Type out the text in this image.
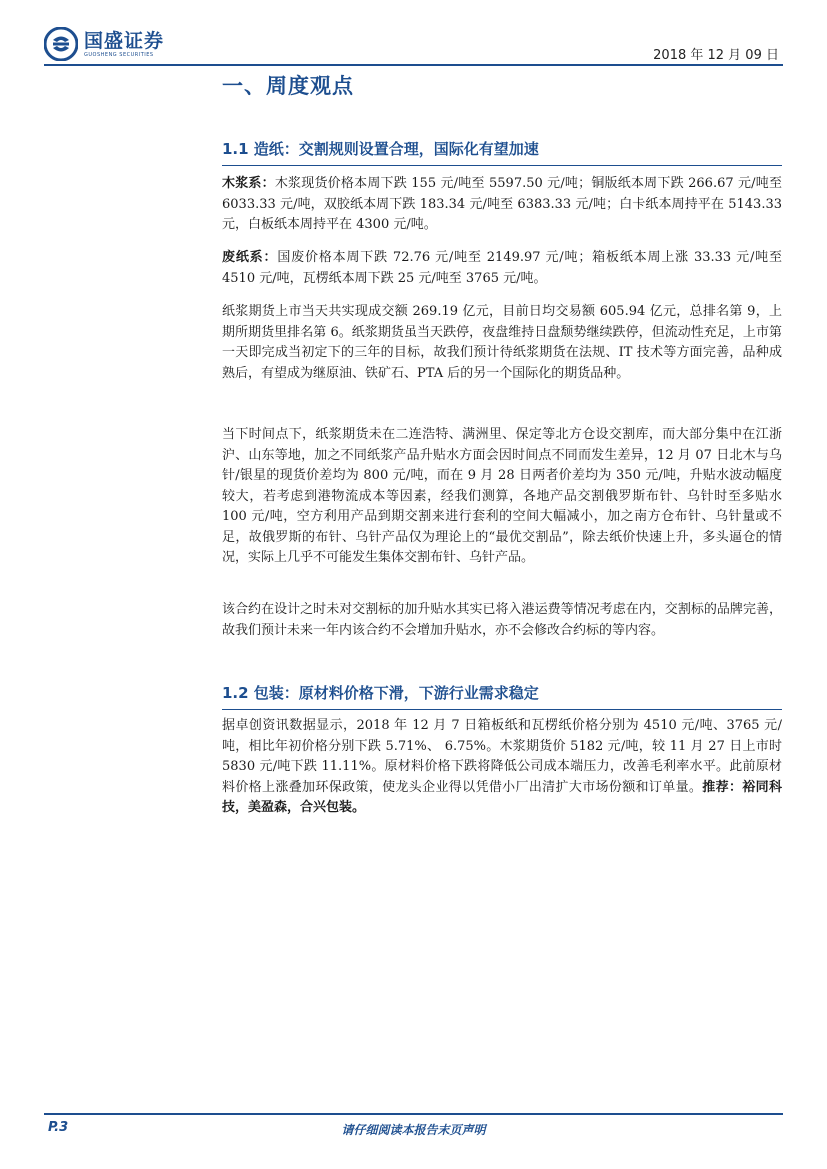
国盛证券
GUOSHENG SECURITIES	2018 年 12 月 09 日
一、周度观点
1.1 造纸：交割规则设置合理，国际化有望加速
木浆系：木浆现货价格本周下跌 155 元/吨至 5597.50 元/吨；铜版纸本周下跌 266.67 元/吨至 6033.33 元/吨，双胶纸本周下跌 183.34 元/吨至 6383.33 元/吨；白卡纸本周持平在 5143.33 元，白板纸本周持平在 4300 元/吨。
废纸系：国废价格本周下跌 72.76 元/吨至 2149.97 元/吨；箱板纸本周上涨 33.33 元/吨至 4510 元/吨，瓦楞纸本周下跌 25 元/吨至 3765 元/吨。
纸浆期货上市当天共实现成交额 269.19 亿元，目前日均交易额 605.94 亿元，总排名第 9，上期所期货里排名第 6。纸浆期货虽当天跌停，夜盘维持日盘颓势继续跌停，但流动性充足，上市第一天即完成当初定下的三年的目标，故我们预计待纸浆期货在法规、IT 技术等方面完善，品种成熟后，有望成为继原油、铁矿石、PTA 后的另一个国际化的期货品种。
当下时间点下，纸浆期货未在二连浩特、满洲里、保定等北方仓设交割库，而大部分集中在江浙沪、山东等地，加之不同纸浆产品升贴水方面会因时间点不同而发生差异，12 月 07 日北木与乌针/银星的现货价差均为 800 元/吨，而在 9 月 28 日两者价差均为 350 元/吨，升贴水波动幅度较大，若考虑到港物流成本等因素，经我们测算，各地产品交割俄罗斯布针、乌针时至多贴水 100 元/吨，空方利用产品到期交割来进行套利的空间大幅减小，加之南方仓布针、乌针量或不足，故俄罗斯的布针、乌针产品仅为理论上的“最优交割品”，除去纸价快速上升，多头逼仓的情况，实际上几乎不可能发生集体交割布针、乌针产品。
该合约在设计之时未对交割标的加升贴水其实已将入港运费等情况考虑在内，交割标的品牌完善，故我们预计未来一年内该合约不会增加升贴水，亦不会修改合约标的等内容。
1.2 包装：原材料价格下滑，下游行业需求稳定
据卓创资讯数据显示，2018 年 12 月 7 日箱板纸和瓦楞纸价格分别为 4510 元/吨、3765 元/吨，相比年初价格分别下跌 5.71%、 6.75%。木浆期货价 5182 元/吨，较 11 月 27 日上市时 5830 元/吨下跌 11.11%。原材料价格下跌将降低公司成本端压力，改善毛利率水平。此前原材料价格上涨叠加环保政策，使龙头企业得以凭借小厂出清扩大市场份额和订单量。推荐：裕同科技，美盈森，合兴包装。
P.3	请仔细阅读本报告末页声明
